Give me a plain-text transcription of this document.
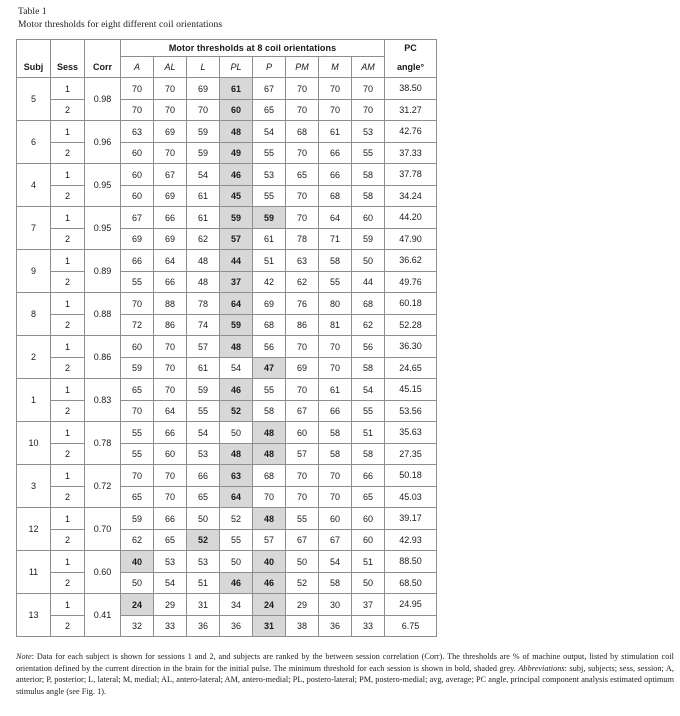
Table 1
Motor thresholds for eight different coil orientations
			Motor thresholds at 8 coil orientations								PC
Subj	Sess	Corr	A	AL	L	PL	P	PM	M	AM	angle°
5	1	0.98	70	70	69	61	67	70	70	70	38.50
	2		70	70	70	60	65	70	70	70	31.27
6	1	0.96	63	69	59	48	54	68	61	53	42.76
	2		60	70	59	49	55	70	66	55	37.33
4	1	0.95	60	67	54	46	53	65	66	58	37.78
	2		60	69	61	45	55	70	68	58	34.24
7	1	0.95	67	66	61	59	59	70	64	60	44.20
	2		69	69	62	57	61	78	71	59	47.90
9	1	0.89	66	64	48	44	51	63	58	50	36.62
	2		55	66	48	37	42	62	55	44	49.76
8	1	0.88	70	88	78	64	69	76	80	68	60.18
	2		72	86	74	59	68	86	81	62	52.28
2	1	0.86	60	70	57	48	56	70	70	56	36.30
	2		59	70	61	54	47	69	70	58	24.65
1	1	0.83	65	70	59	46	55	70	61	54	45.15
	2		70	64	55	52	58	67	66	55	53.56
10	1	0.78	55	66	54	50	48	60	58	51	35.63
	2		55	60	53	48	48	57	58	58	27.35
3	1	0.72	70	70	66	63	68	70	70	66	50.18
	2		65	70	65	64	70	70	70	65	45.03
12	1	0.70	59	66	50	52	48	55	60	60	39.17
	2		62	65	52	55	57	67	67	60	42.93
11	1	0.60	40	53	53	50	40	50	54	51	88.50
	2		50	54	51	46	46	52	58	50	68.50
13	1	0.41	24	29	31	34	24	29	30	37	24.95
	2		32	33	36	36	31	38	36	33	6.75
Note: Data for each subject is shown for sessions 1 and 2, and subjects are ranked by the between session correlation (Corr). The thresholds are % of machine output, listed by stimulation coil orientation defined by the current direction in the brain for the initial pulse. The minimum threshold for each session is shown in bold, shaded grey. Abbreviations: subj, subjects; sess, session; A, anterior; P, posterior; L, lateral; M, medial; AL, antero-lateral; AM, antero-medial; PL, postero-lateral; PM, postero-medial; avg, average; PC angle, principal component analysis estimated optimum stimulus angle (see Fig. 1).
